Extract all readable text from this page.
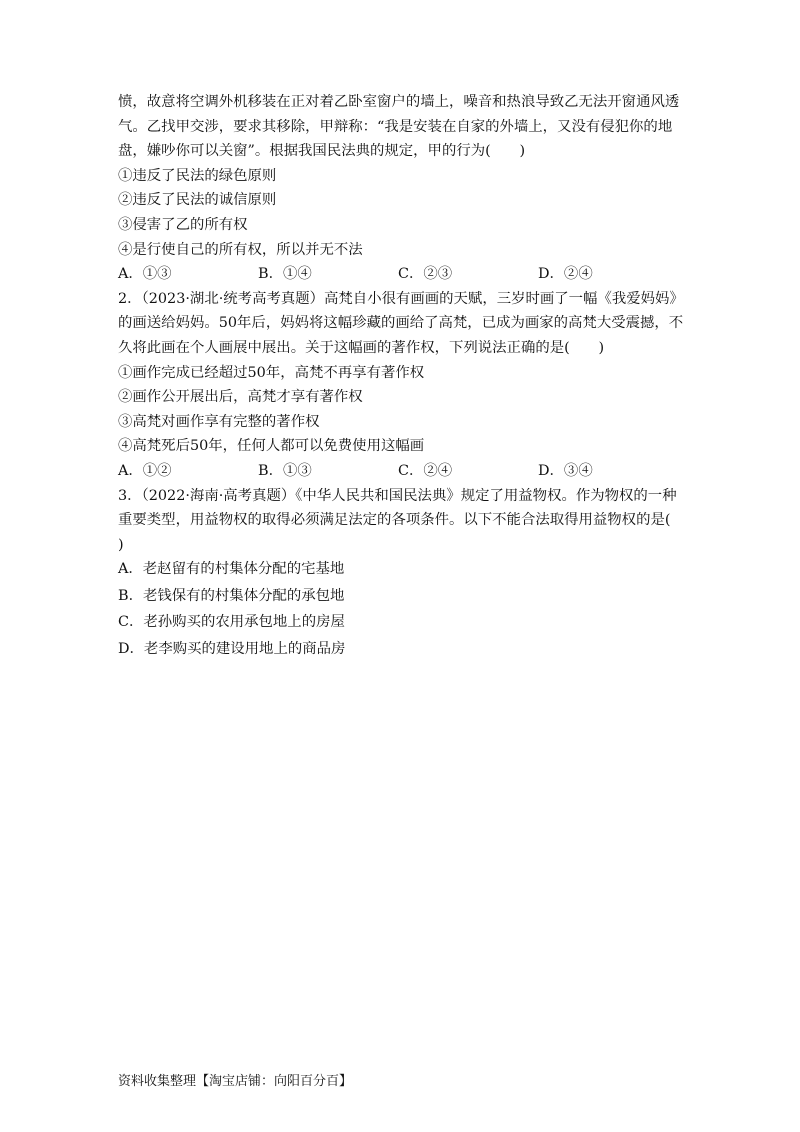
愤，故意将空调外机移装在正对着乙卧室窗户的墙上，噪音和热浪导致乙无法开窗通风透
气。乙找甲交涉，要求其移除，甲辩称：“我是安装在自家的外墙上，又没有侵犯你的地
盘，嫌吵你可以关窗”。根据我国民法典的规定，甲的行为(　　)
①违反了民法的绿色原则
②违反了民法的诚信原则
③侵害了乙的所有权
④是行使自己的所有权，所以并无不法
A．①③	B．①④	C．②③	D．②④
2．（2023·湖北·统考高考真题）高梵自小很有画画的天赋，三岁时画了一幅《我爱妈妈》
的画送给妈妈。50年后，妈妈将这幅珍藏的画给了高梵，已成为画家的高梵大受震撼，不
久将此画在个人画展中展出。关于这幅画的著作权，下列说法正确的是(　　)
①画作完成已经超过50年，高梵不再享有著作权
②画作公开展出后，高梵才享有著作权
③高梵对画作享有完整的著作权
④高梵死后50年，任何人都可以免费使用这幅画
A．①②	B．①③	C．②④	D．③④
3．（2022·海南·高考真题）《中华人民共和国民法典》规定了用益物权。作为物权的一种
重要类型，用益物权的取得必须满足法定的各项条件。以下不能合法取得用益物权的是(
)
A．老赵留有的村集体分配的宅基地
B．老钱保有的村集体分配的承包地
C．老孙购买的农用承包地上的房屋
D．老李购买的建设用地上的商品房
资料收集整理【淘宝店铺：向阳百分百】
